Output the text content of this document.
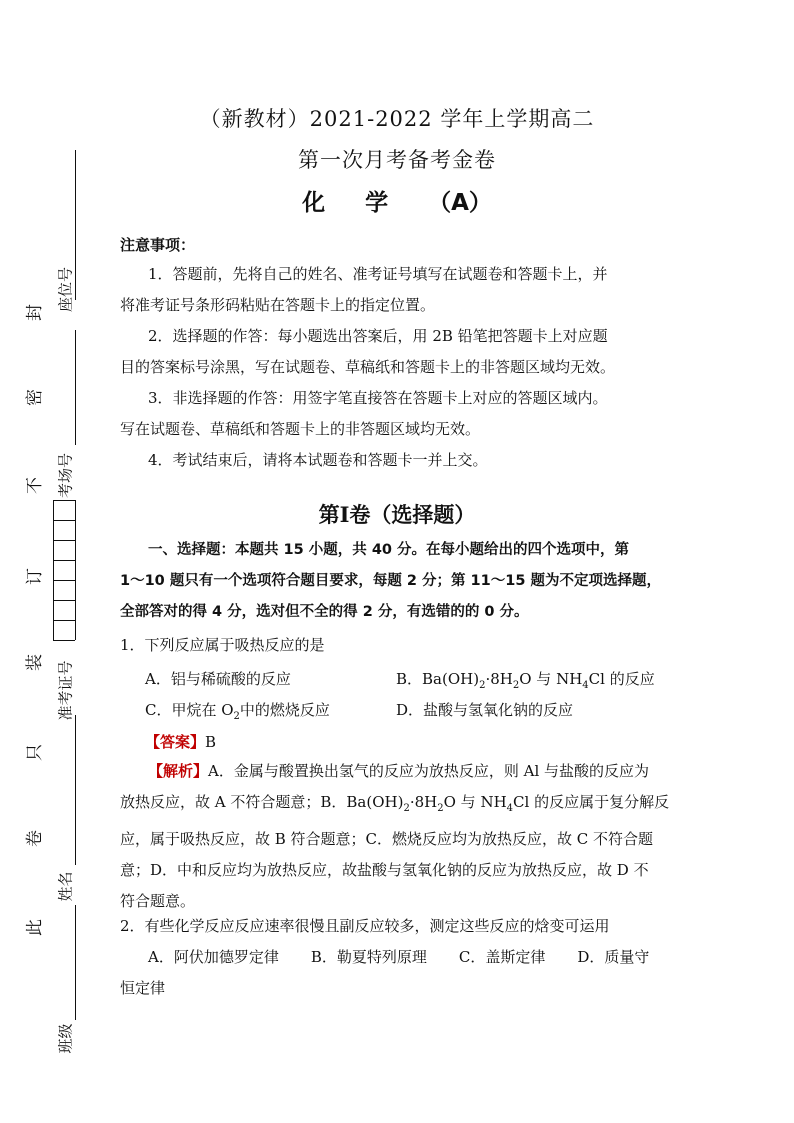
（新教材）2021-2022 学年上学期高二
第一次月考备考金卷
化 学 （A）
注意事项：
1．答题前，先将自己的姓名、准考证号填写在试题卷和答题卡上，并
将准考证号条形码粘贴在答题卡上的指定位置。
2．选择题的作答：每小题选出答案后，用 2B 铅笔把答题卡上对应题
目的答案标号涂黑，写在试题卷、草稿纸和答题卡上的非答题区域均无效。
3．非选择题的作答：用签字笔直接答在答题卡上对应的答题区域内。
写在试题卷、草稿纸和答题卡上的非答题区域均无效。
4．考试结束后，请将本试题卷和答题卡一并上交。
第Ⅰ卷（选择题）
一、选择题：本题共 15 小题，共 40 分。在每小题给出的四个选项中，第
1～10 题只有一个选项符合题目要求，每题 2 分；第 11～15 题为不定项选择题，
全部答对的得 4 分，选对但不全的得 2 分，有选错的的 0 分。
1．下列反应属于吸热反应的是
A．铝与稀硫酸的反应	B．$Ba(OH)_2\cdot 8H_2O$ 与 $NH_4Cl$ 的反应
C．甲烷在 $O_2$中的燃烧反应	D．盐酸与氢氧化钠的反应
【答案】B
【解析】A．金属与酸置换出氢气的反应为放热反应，则 Al 与盐酸的反应为
放热反应，故 A 不符合题意；B．$Ba(OH)_2\cdot 8H_2O$ 与 $NH_4Cl$ 的反应属于复分解反
应，属于吸热反应，故 B 符合题意；C．燃烧反应均为放热反应，故 C 不符合题
意；D．中和反应均为放热反应，故盐酸与氢氧化钠的反应为放热反应，故 D 不
符合题意。
2．有些化学反应反应速率很慢且副反应较多，测定这些反应的焓变可运用
A．阿伏加德罗定律 B．勒夏特列原理 C．盖斯定律 D．质量守
恒定律
座位号
考场号
准考证号
姓名
班级
封
密
不
订
装
只
卷
此
